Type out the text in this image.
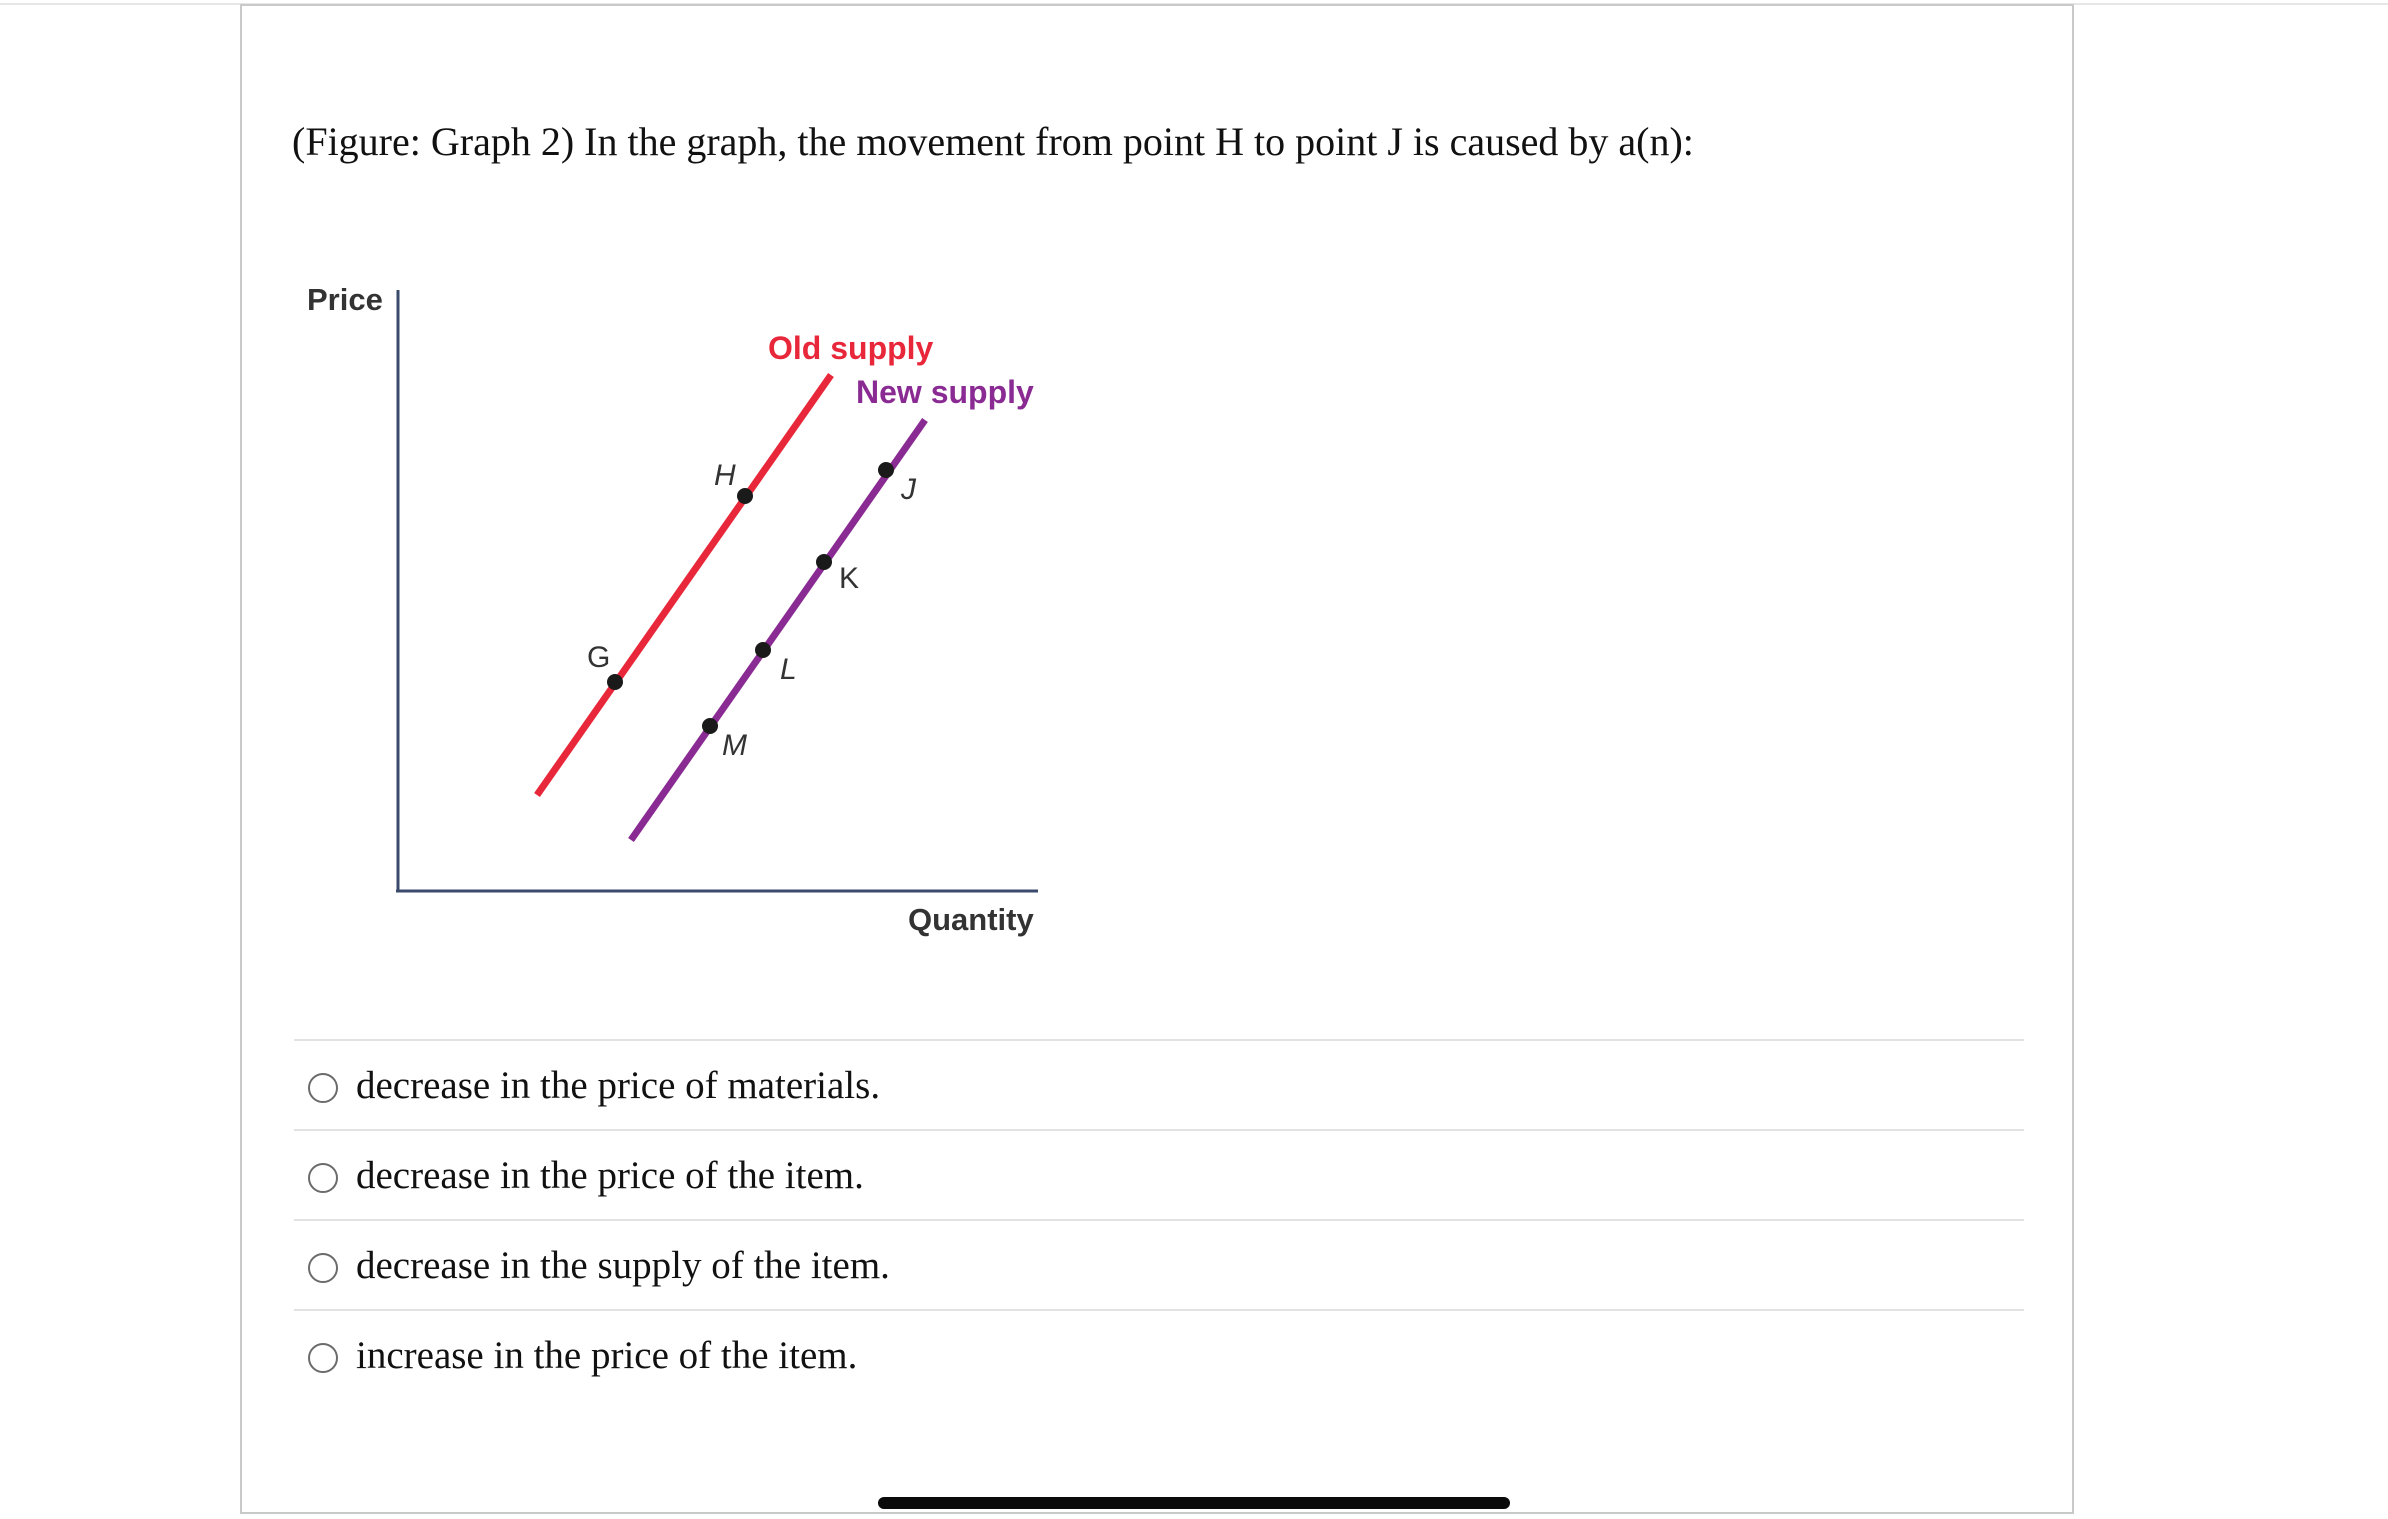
(Figure: Graph 2) In the graph, the movement from point H to point J is caused by a(n):
Price
Quantity
Old supply
New supply
G
H	J
K
L
M
decrease in the price of materials.
decrease in the price of the item.
decrease in the supply of the item.
increase in the price of the item.
